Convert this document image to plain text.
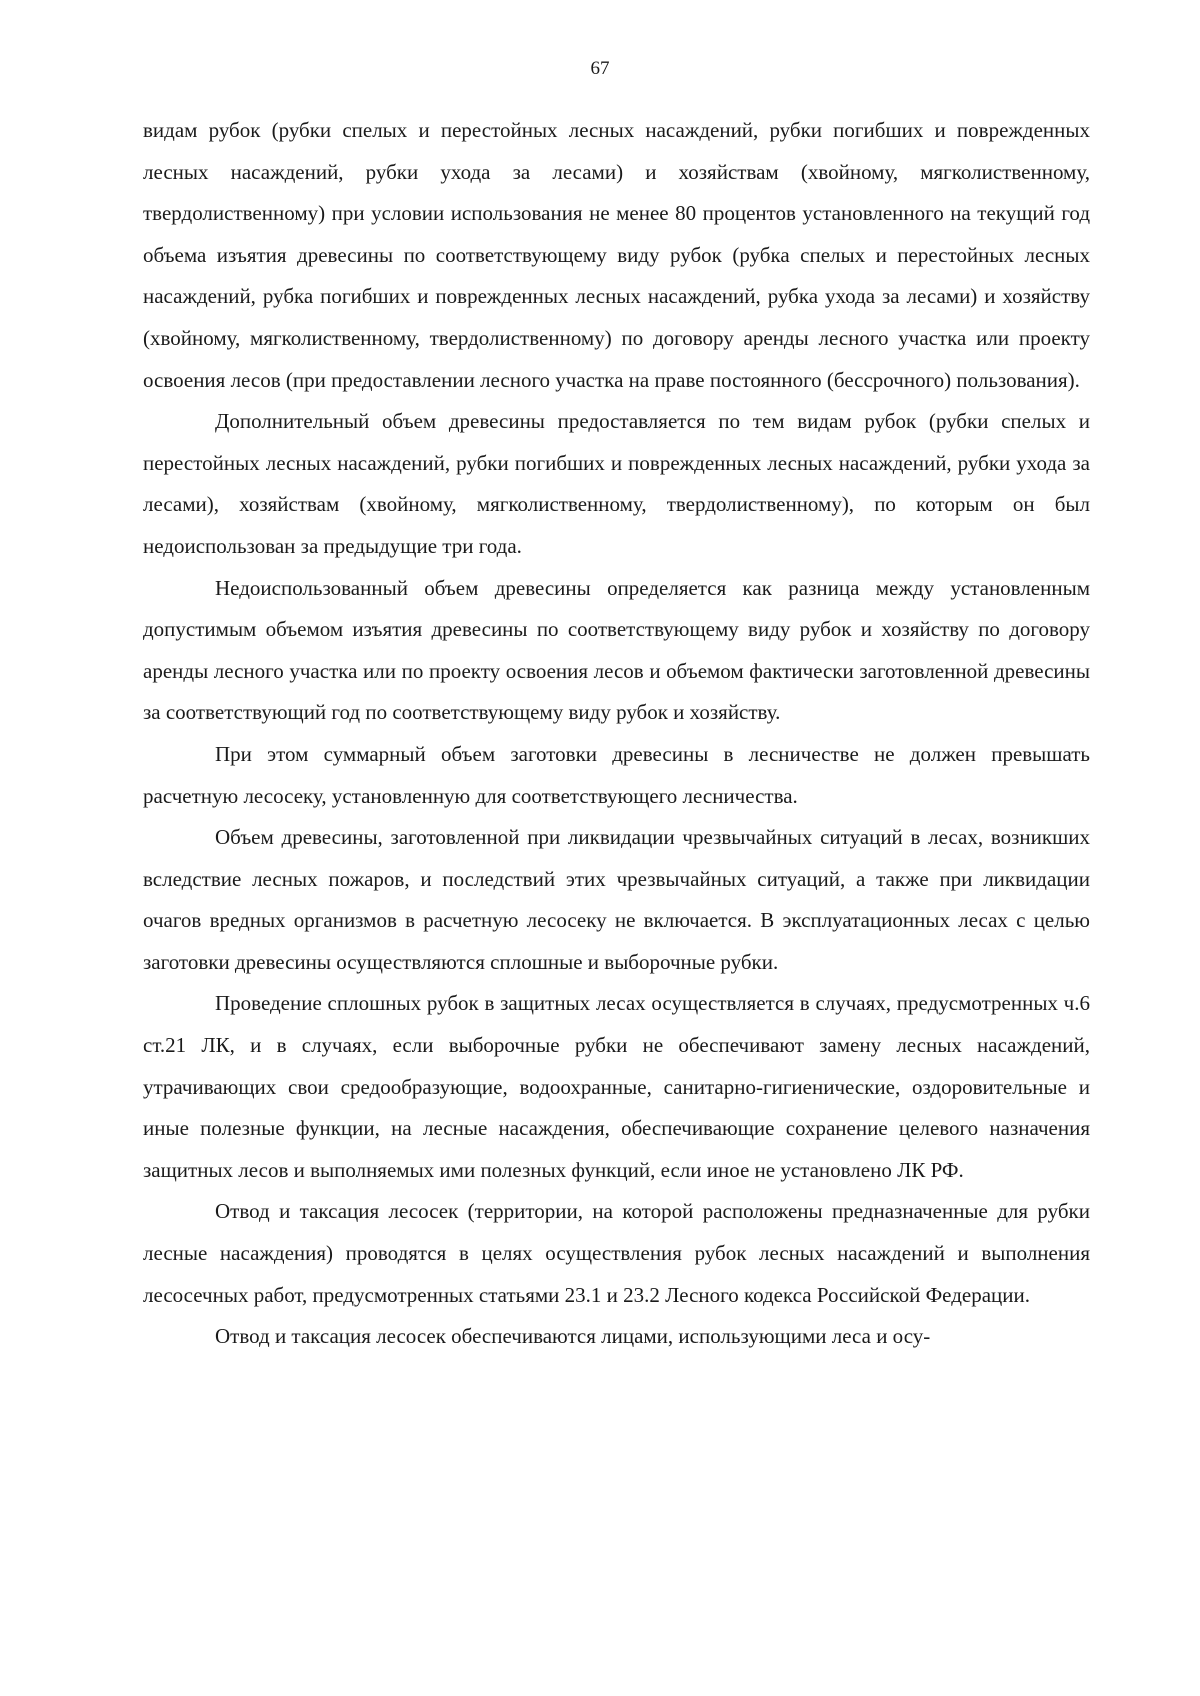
67

видам рубок (рубки спелых и перестойных лесных насаждений, рубки погибших и поврежденных лесных насаждений, рубки ухода за лесами) и хозяйствам (хвойному, мягколиственному, твердолиственному) при условии использования не менее 80 процентов установленного на текущий год объема изъятия древесины по соответствующему виду рубок (рубка спелых и перестойных лесных насаждений, рубка погибших и поврежденных лесных насаждений, рубка ухода за лесами) и хозяйству (хвойному, мягколиственному, твердолиственному) по договору аренды лесного участка или проекту освоения лесов (при предоставлении лесного участка на праве постоянного (бессрочного) пользования).

Дополнительный объем древесины предоставляется по тем видам рубок (рубки спелых и перестойных лесных насаждений, рубки погибших и поврежденных лесных насаждений, рубки ухода за лесами), хозяйствам (хвойному, мягколиственному, твердолиственному), по которым он был недоиспользован за предыдущие три года.

Недоиспользованный объем древесины определяется как разница между установленным допустимым объемом изъятия древесины по соответствующему виду рубок и хозяйству по договору аренды лесного участка или по проекту освоения лесов и объемом фактически заготовленной древесины за соответствующий год по соответствующему виду рубок и хозяйству.

При этом суммарный объем заготовки древесины в лесничестве не должен превышать расчетную лесосеку, установленную для соответствующего лесничества.

Объем древесины, заготовленной при ликвидации чрезвычайных ситуаций в лесах, возникших вследствие лесных пожаров, и последствий этих чрезвычайных ситуаций, а также при ликвидации очагов вредных организмов в расчетную лесосеку не включается. В эксплуатационных лесах с целью заготовки древесины осуществляются сплошные и выборочные рубки.

Проведение сплошных рубок в защитных лесах осуществляется в случаях, предусмотренных ч.6 ст.21 ЛК, и в случаях, если выборочные рубки не обеспечивают замену лесных насаждений, утрачивающих свои средообразующие, водоохранные, санитарно-гигиенические, оздоровительные и иные полезные функции, на лесные насаждения, обеспечивающие сохранение целевого назначения защитных лесов и выполняемых ими полезных функций, если иное не установлено ЛК РФ.

Отвод и таксация лесосек (территории, на которой расположены предназначенные для рубки лесные насаждения) проводятся в целях осуществления рубок лесных насаждений и выполнения лесосечных работ, предусмотренных статьями 23.1 и 23.2 Лесного кодекса Российской Федерации.

Отвод и таксация лесосек обеспечиваются лицами, использующими леса и осу-
